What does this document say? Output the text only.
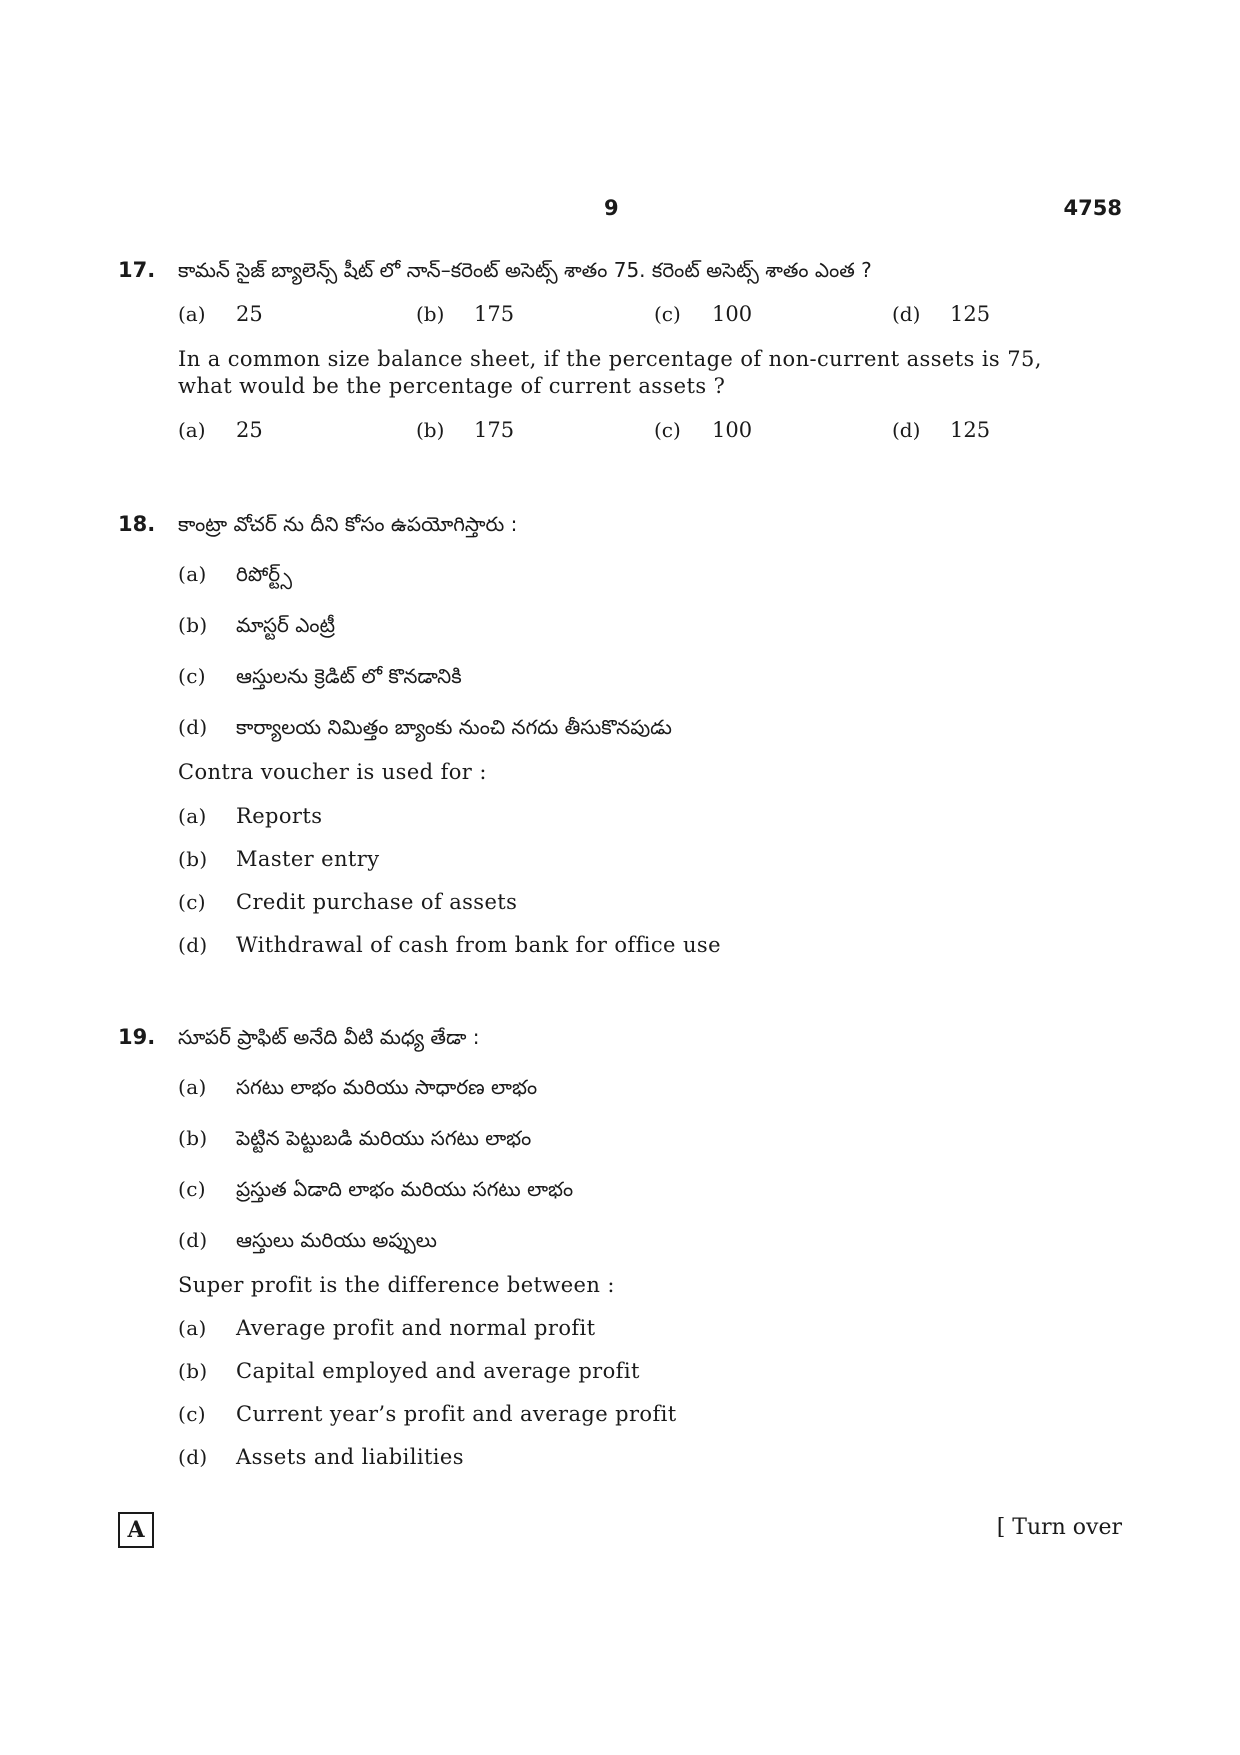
9	4758
17. కామన్ సైజ్ బ్యాలెన్స్ షీట్ లో నాన్–కరెంట్ అసెట్స్ శాతం 75. కరెంట్ అసెట్స్ శాతం ఎంత ?
(a) 25	(b) 175	(c) 100	(d) 125
In a common size balance sheet, if the percentage of non-current assets is 75, what would be the percentage of current assets ?
(a) 25	(b) 175	(c) 100	(d) 125
18. కాంట్రా వోచర్ ను దీని కోసం ఉపయోగిస్తారు :
(a) రిపోర్ట్స్
(b) మాస్టర్ ఎంట్రీ
(c) ఆస్తులను క్రెడిట్ లో కొనడానికి
(d) కార్యాలయ నిమిత్తం బ్యాంకు నుంచి నగదు తీసుకొనపుడు
Contra voucher is used for :
(a) Reports
(b) Master entry
(c) Credit purchase of assets
(d) Withdrawal of cash from bank for office use
19. సూపర్ ప్రాఫిట్ అనేది వీటి మధ్య తేడా :
(a) సగటు లాభం మరియు సాధారణ లాభం
(b) పెట్టిన పెట్టుబడి మరియు సగటు లాభం
(c) ప్రస్తుత ఏడాది లాభం మరియు సగటు లాభం
(d) ఆస్తులు మరియు అప్పులు
Super profit is the difference between :
(a) Average profit and normal profit
(b) Capital employed and average profit
(c) Current year’s profit and average profit
(d) Assets and liabilities
A	[ Turn over
